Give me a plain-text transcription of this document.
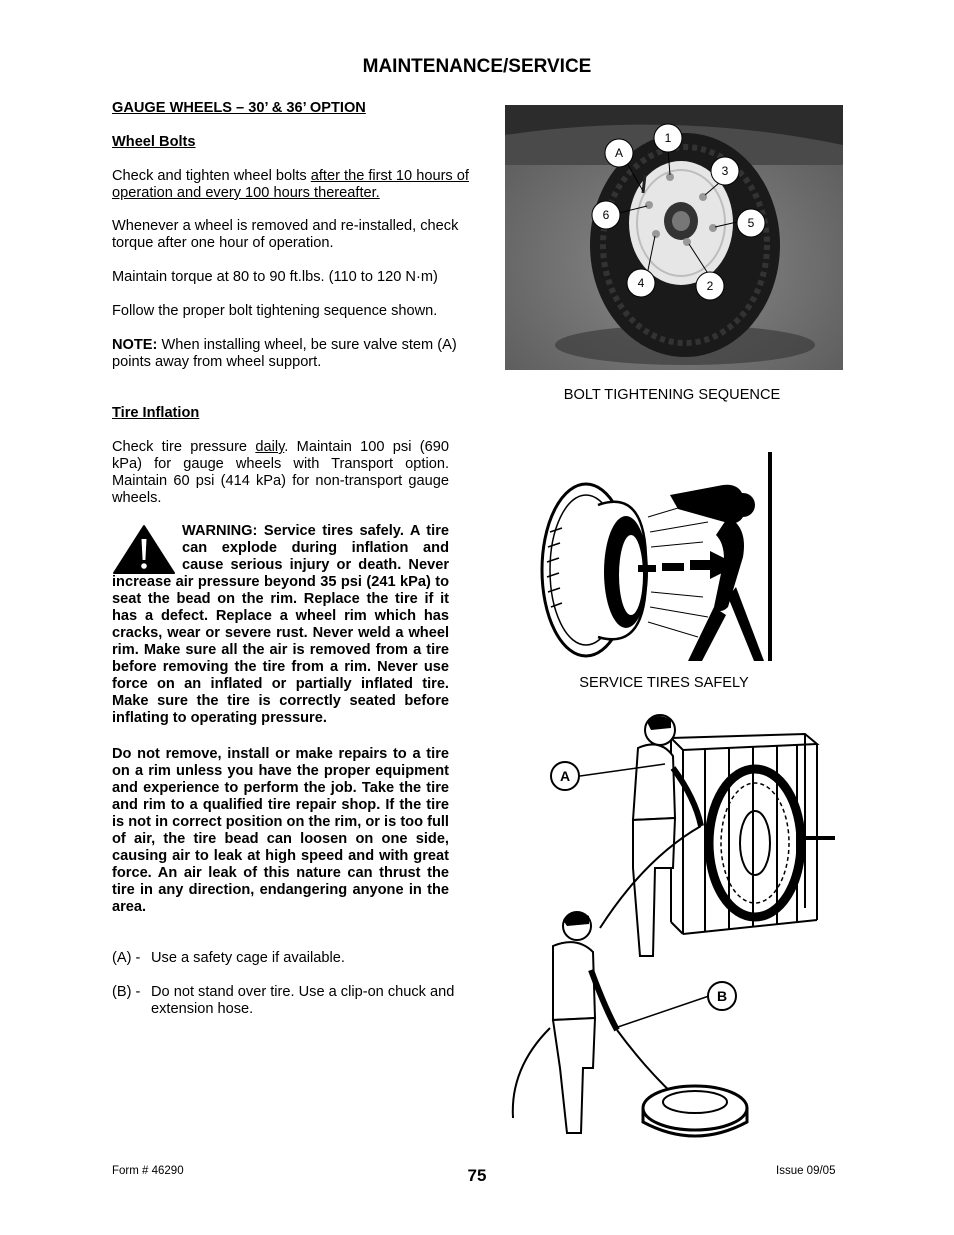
MAINTENANCE/SERVICE
GAUGE WHEELS – 30’ & 36’ OPTION
Wheel Bolts
Check and tighten wheel bolts after the first 10 hours of operation and every 100 hours thereafter.
Whenever a wheel is removed and re-installed, check torque after one hour of operation.
Maintain torque at 80 to 90 ft.lbs. (110 to 120 N·m)
Follow the proper bolt tightening sequence shown.
NOTE: When installing wheel, be sure valve stem (A) points away from wheel support.
Tire Inflation
Check tire pressure daily. Maintain 100 psi (690 kPa) for gauge wheels with Transport option. Maintain 60 psi (414 kPa) for non-transport gauge wheels.
WARNING: Service tires safely. A tire can explode during inflation and cause serious injury or death. Never increase air pressure beyond 35 psi (241 kPa) to seat the bead on the rim. Replace the tire if it has a defect. Replace a wheel rim which has cracks, wear or severe rust. Never weld a wheel rim. Make sure all the air is removed from a tire before removing the tire from a rim. Never use force on an inflated or partially inflated tire. Make sure the tire is correctly seated before inflating to operating pressure.
Do not remove, install or make repairs to a tire on a rim unless you have the proper equipment and experience to perform the job. Take the tire and rim to a qualified tire repair shop. If the tire is not in correct position on the rim, or is too full of air, the tire bead can loosen on one side, causing air to leak at high speed and with great force. An air leak of this nature can thrust the tire in any direction, endangering anyone in the area.
(A) - Use a safety cage if available.
(B) - Do not stand over tire. Use a clip-on chuck and extension hose.
1
2
3
4
5
6
A
BOLT TIGHTENING SEQUENCE
SERVICE TIRES SAFELY
A
B
Form # 46290	75	Issue 09/05
